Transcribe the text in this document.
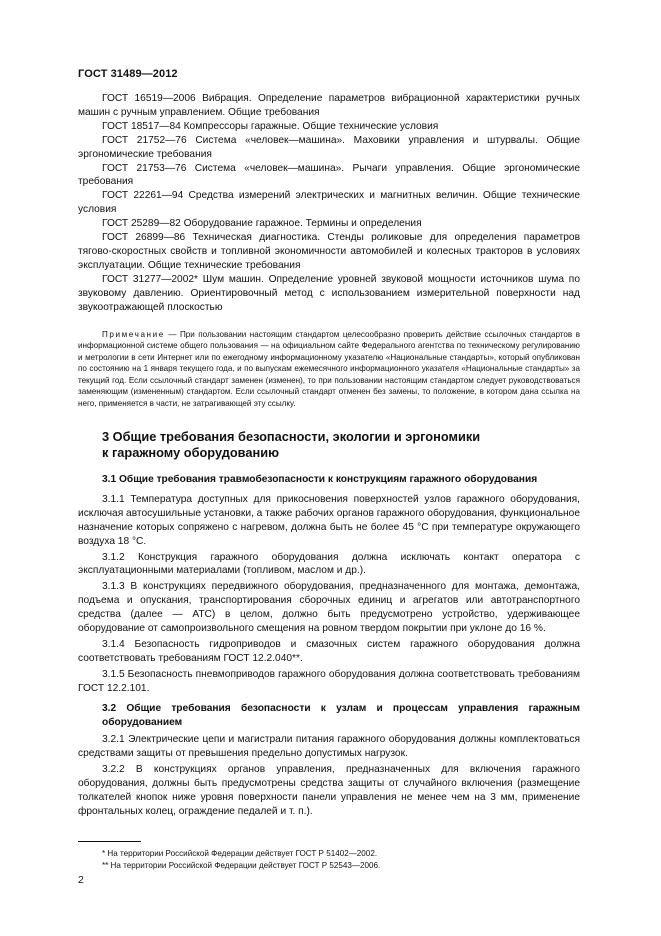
ГОСТ 31489—2012

ГОСТ 16519—2006 Вибрация. Определение параметров вибрационной характеристики ручных машин с ручным управлением. Общие требования

ГОСТ 18517—84 Компрессоры гаражные. Общие технические условия

ГОСТ 21752—76 Система «человек—машина». Маховики управления и штурвалы. Общие эргономические требования

ГОСТ 21753—76 Система «человек—машина». Рычаги управления. Общие эргономические требования

ГОСТ 22261—94 Средства измерений электрических и магнитных величин. Общие технические условия

ГОСТ 25289—82 Оборудование гаражное. Термины и определения

ГОСТ 26899—86 Техническая диагностика. Стенды роликовые для определения параметров тягово-скоростных свойств и топливной экономичности автомобилей и колесных тракторов в условиях эксплуатации. Общие технические требования

ГОСТ 31277—2002* Шум машин. Определение уровней звуковой мощности источников шума по звуковому давлению. Ориентировочный метод с использованием измерительной поверхности над звукоотражающей плоскостью

Примечание — При пользовании настоящим стандартом целесообразно проверить действие ссылочных стандартов в информационной системе общего пользования — на официальном сайте Федерального агентства по техническому регулированию и метрологии в сети Интернет или по ежегодному информационному указателю «Национальные стандарты», который опубликован по состоянию на 1 января текущего года, и по выпускам ежемесячного информационного указателя «Национальные стандарты» за текущий год. Если ссылочный стандарт заменен (изменен), то при пользовании настоящим стандартом следует руководствоваться заменяющим (измененным) стандартом. Если ссылочный стандарт отменен без замены, то положение, в котором дана ссылка на него, применяется в части, не затрагивающей эту ссылку.

3 Общие требования безопасности, экологии и эргономики
к гаражному оборудованию

3.1 Общие требования травмобезопасности к конструкциям гаражного оборудования

3.1.1 Температура доступных для прикосновения поверхностей узлов гаражного оборудования, исключая автосушильные установки, а также рабочих органов гаражного оборудования, функциональное назначение которых сопряжено с нагревом, должна быть не более 45 °С при температуре окружающего воздуха 18 °С.

3.1.2 Конструкция гаражного оборудования должна исключать контакт оператора с эксплуатационными материалами (топливом, маслом и др.).

3.1.3 В конструкциях передвижного оборудования, предназначенного для монтажа, демонтажа, подъема и опускания, транспортирования сборочных единиц и агрегатов или автотранспортного средства (далее — АТС) в целом, должно быть предусмотрено устройство, удерживающее оборудование от самопроизвольного смещения на ровном твердом покрытии при уклоне до 16 %.

3.1.4 Безопасность гидроприводов и смазочных систем гаражного оборудования должна соответствовать требованиям ГОСТ 12.2.040**.

3.1.5 Безопасность пневмоприводов гаражного оборудования должна соответствовать требованиям ГОСТ 12.2.101.

3.2 Общие требования безопасности к узлам и процессам управления гаражным оборудованием

3.2.1 Электрические цепи и магистрали питания гаражного оборудования должны комплектоваться средствами защиты от превышения предельно допустимых нагрузок.

3.2.2 В конструкциях органов управления, предназначенных для включения гаражного оборудования, должны быть предусмотрены средства защиты от случайного включения (размещение толкателей кнопок ниже уровня поверхности панели управления не менее чем на 3 мм, применение фронтальных колец, ограждение педалей и т. п.).

* На территории Российской Федерации действует ГОСТ Р 51402—2002.

** На территории Российской Федерации действует ГОСТ Р 52543—2006.

2
